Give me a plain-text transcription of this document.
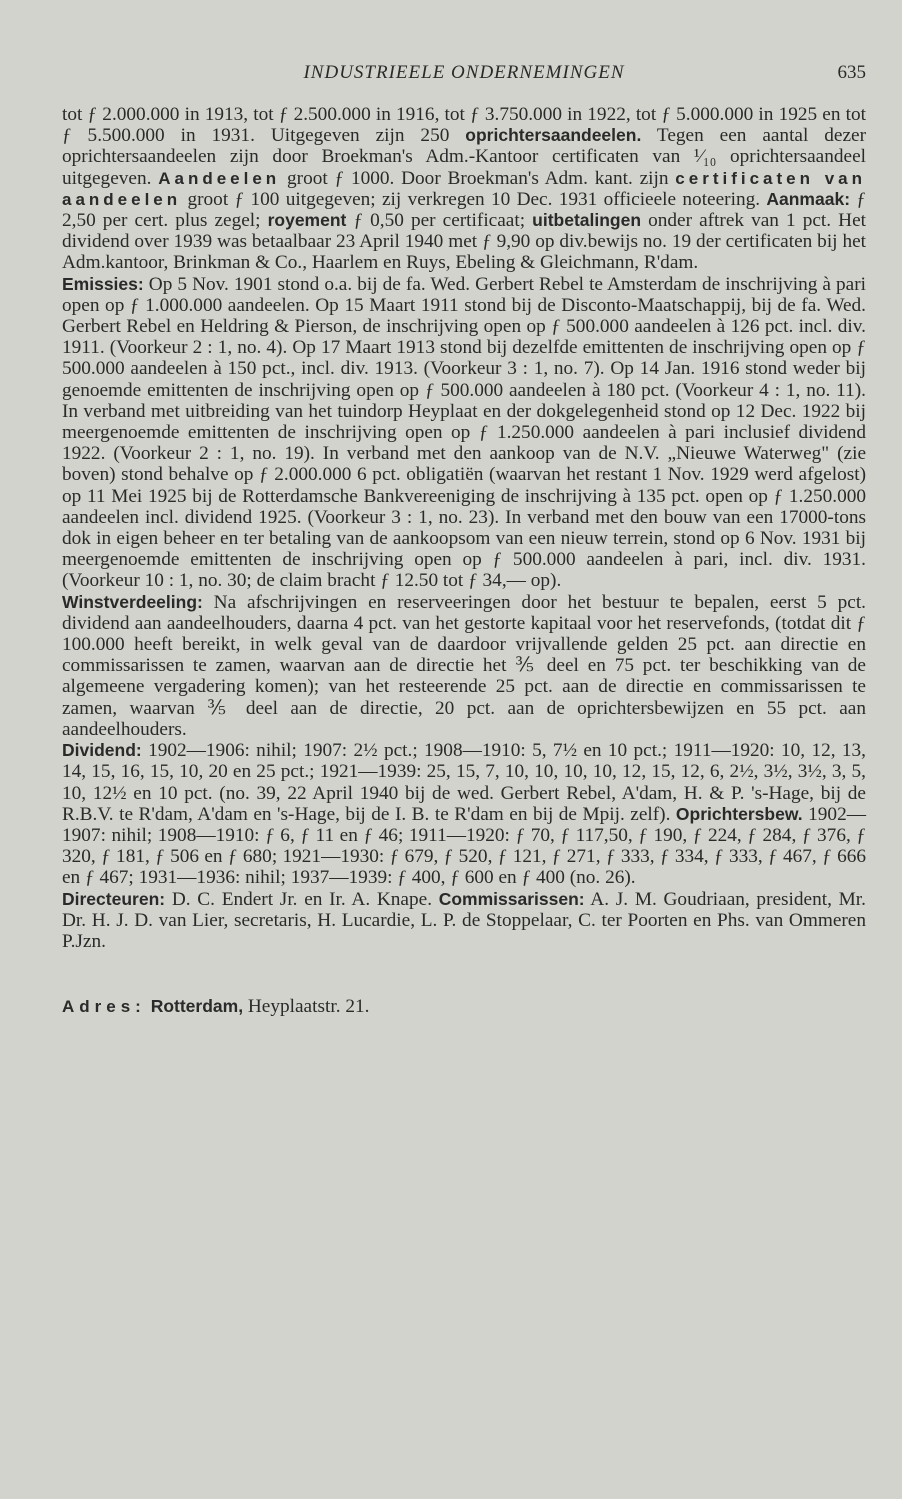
INDUSTRIEELE ONDERNEMINGEN	635

tot ƒ 2.000.000 in 1913, tot ƒ 2.500.000 in 1916, tot ƒ 3.750.000 in 1922, tot ƒ 5.000.000 in 1925 en tot ƒ 5.500.000 in 1931. Uitgegeven zijn 250 oprichtersaandeelen. Tegen een aantal dezer oprichtersaandeelen zijn door Broekman's Adm.-Kantoor certificaten van ¹⁄₁₀ oprichtersaandeel uitgegeven. Aandeelen groot ƒ 1000. Door Broekman's Adm. kant. zijn certificaten van aandeelen groot ƒ 100 uitgegeven; zij verkregen 10 Dec. 1931 officieele noteering. Aanmaak: ƒ 2,50 per cert. plus zegel; royement ƒ 0,50 per certificaat; uitbetalingen onder aftrek van 1 pct. Het dividend over 1939 was betaalbaar 23 April 1940 met ƒ 9,90 op div.bewijs no. 19 der certificaten bij het Adm.kantoor, Brinkman & Co., Haarlem en Ruys, Ebeling & Gleichmann, R'dam.

Emissies: Op 5 Nov. 1901 stond o.a. bij de fa. Wed. Gerbert Rebel te Amsterdam de inschrijving à pari open op ƒ 1.000.000 aandeelen. Op 15 Maart 1911 stond bij de Disconto-Maatschappij, bij de fa. Wed. Gerbert Rebel en Heldring & Pierson, de inschrijving open op ƒ 500.000 aandeelen à 126 pct. incl. div. 1911. (Voorkeur 2 : 1, no. 4). Op 17 Maart 1913 stond bij dezelfde emittenten de inschrijving open op ƒ 500.000 aandeelen à 150 pct., incl. div. 1913. (Voorkeur 3 : 1, no. 7). Op 14 Jan. 1916 stond weder bij genoemde emittenten de inschrijving open op ƒ 500.000 aandeelen à 180 pct. (Voorkeur 4 : 1, no. 11). In verband met uitbreiding van het tuindorp Heyplaat en der dokgelegenheid stond op 12 Dec. 1922 bij meergenoemde emittenten de inschrijving open op ƒ 1.250.000 aandeelen à pari inclusief dividend 1922. (Voorkeur 2 : 1, no. 19). In verband met den aankoop van de N.V. „Nieuwe Waterweg" (zie boven) stond behalve op ƒ 2.000.000 6 pct. obligatiën (waarvan het restant 1 Nov. 1929 werd afgelost) op 11 Mei 1925 bij de Rotterdamsche Bankvereeniging de inschrijving à 135 pct. open op ƒ 1.250.000 aandeelen incl. dividend 1925. (Voorkeur 3 : 1, no. 23). In verband met den bouw van een 17000-tons dok in eigen beheer en ter betaling van de aankoopsom van een nieuw terrein, stond op 6 Nov. 1931 bij meergenoemde emittenten de inschrijving open op ƒ 500.000 aandeelen à pari, incl. div. 1931. (Voorkeur 10 : 1, no. 30; de claim bracht ƒ 12.50 tot ƒ 34,— op).

Winstverdeeling: Na afschrijvingen en reserveeringen door het bestuur te bepalen, eerst 5 pct. dividend aan aandeelhouders, daarna 4 pct. van het gestorte kapitaal voor het reservefonds, (totdat dit ƒ 100.000 heeft bereikt, in welk geval van de daardoor vrijvallende gelden 25 pct. aan directie en commissarissen te zamen, waarvan aan de directie het ⅗ deel en 75 pct. ter beschikking van de algemeene vergadering komen); van het resteerende 25 pct. aan de directie en commissarissen te zamen, waarvan ⅗ deel aan de directie, 20 pct. aan de oprichtersbewijzen en 55 pct. aan aandeelhouders.

Dividend: 1902—1906: nihil; 1907: 2½ pct.; 1908—1910: 5, 7½ en 10 pct.; 1911—1920: 10, 12, 13, 14, 15, 16, 15, 10, 20 en 25 pct.; 1921—1939: 25, 15, 7, 10, 10, 10, 10, 12, 15, 12, 6, 2½, 3½, 3½, 3, 5, 10, 12½ en 10 pct. (no. 39, 22 April 1940 bij de wed. Gerbert Rebel, A'dam, H. & P. 's-Hage, bij de R.B.V. te R'dam, A'dam en 's-Hage, bij de I. B. te R'dam en bij de Mpij. zelf). Oprichtersbew. 1902—1907: nihil; 1908—1910: ƒ 6, ƒ 11 en ƒ 46; 1911—1920: ƒ 70, ƒ 117,50, ƒ 190, ƒ 224, ƒ 284, ƒ 376, ƒ 320, ƒ 181, ƒ 506 en ƒ 680; 1921—1930: ƒ 679, ƒ 520, ƒ 121, ƒ 271, ƒ 333, ƒ 334, ƒ 333, ƒ 467, ƒ 666 en ƒ 467; 1931—1936: nihil; 1937—1939: ƒ 400, ƒ 600 en ƒ 400 (no. 26).

Directeuren: D. C. Endert Jr. en Ir. A. Knape. Commissarissen: A. J. M. Goudriaan, president, Mr. Dr. H. J. D. van Lier, secretaris, H. Lucardie, L. P. de Stoppelaar, C. ter Poorten en Phs. van Ommeren P.Jzn.

Adres: Rotterdam, Heyplaatstr. 21.
